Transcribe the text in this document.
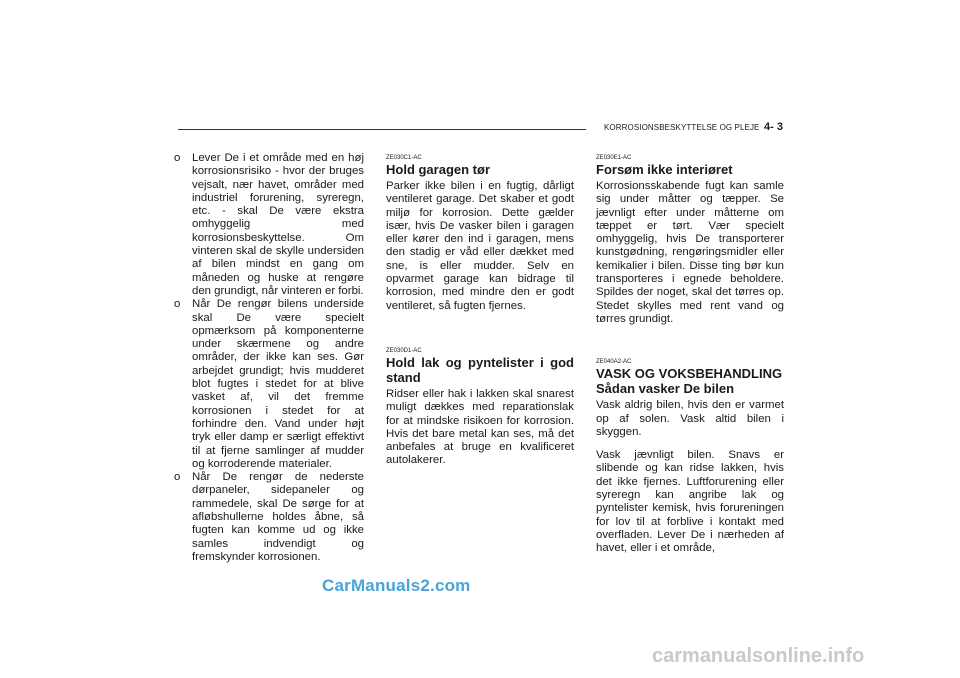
KORROSIONSBESKYTTELSE OG PLEJE 4- 3

o Lever De i et område med en høj korrosionsrisiko - hvor der bruges vejsalt, nær havet, områder med industriel forurening, syreregn, etc. - skal De være ekstra omhyggelig med korrosionsbeskyttelse. Om vinteren skal de skylle undersiden af bilen mindst en gang om måneden og huske at rengøre den grundigt, når vinteren er forbi.

o Når De rengør bilens underside skal De være specielt opmærksom på komponenterne under skærmene og andre områder, der ikke kan ses. Gør arbejdet grundigt; hvis mudderet blot fugtes i stedet for at blive vasket af, vil det fremme korrosionen i stedet for at forhindre den. Vand under højt tryk eller damp er særligt effektivt til at fjerne samlinger af mudder og korroderende materialer.

o Når De rengør de nederste dørpaneler, sidepaneler og rammedele, skal De sørge for at afløbshullerne holdes åbne, så fugten kan komme ud og ikke samles indvendigt og fremskynder korrosionen.

ZE030C1-AC
Hold garagen tør

Parker ikke bilen i en fugtig, dårligt ventileret garage. Det skaber et godt miljø for korrosion. Dette gælder især, hvis De vasker bilen i garagen eller kører den ind i garagen, mens den stadig er våd eller dækket med sne, is eller mudder. Selv en opvarmet garage kan bidrage til korrosion, med mindre den er godt ventileret, så fugten fjernes.

ZE030D1-AC
Hold lak og pyntelister i god stand

Ridser eller hak i lakken skal snarest muligt dækkes med reparationslak for at mindske risikoen for korrosion. Hvis det bare metal kan ses, må det anbefales at bruge en kvalificeret autolakerer.

ZE030E1-AC
Forsøm ikke interiøret

Korrosionsskabende fugt kan samle sig under måtter og tæpper. Se jævnligt efter under måtterne om tæppet er tørt. Vær specielt omhyggelig, hvis De transporterer kunstgødning, rengøringsmidler eller kemikalier i bilen. Disse ting bør kun transporteres i egnede beholdere. Spildes der noget, skal det tørres op. Stedet skylles med rent vand og tørres grundigt.

ZE040A2-AC
VASK OG VOKSBEHANDLING
Sådan vasker De bilen

Vask aldrig bilen, hvis den er varmet op af solen. Vask altid bilen i skyggen.

Vask jævnligt bilen. Snavs er slibende og kan ridse lakken, hvis det ikke fjernes. Luftforurening eller syreregn kan angribe lak og pyntelister kemisk, hvis forureningen for lov til at forblive i kontakt med overfladen. Lever De i nærheden af havet, eller i et område,

CarManuals2.com
carmanualsonline.info
